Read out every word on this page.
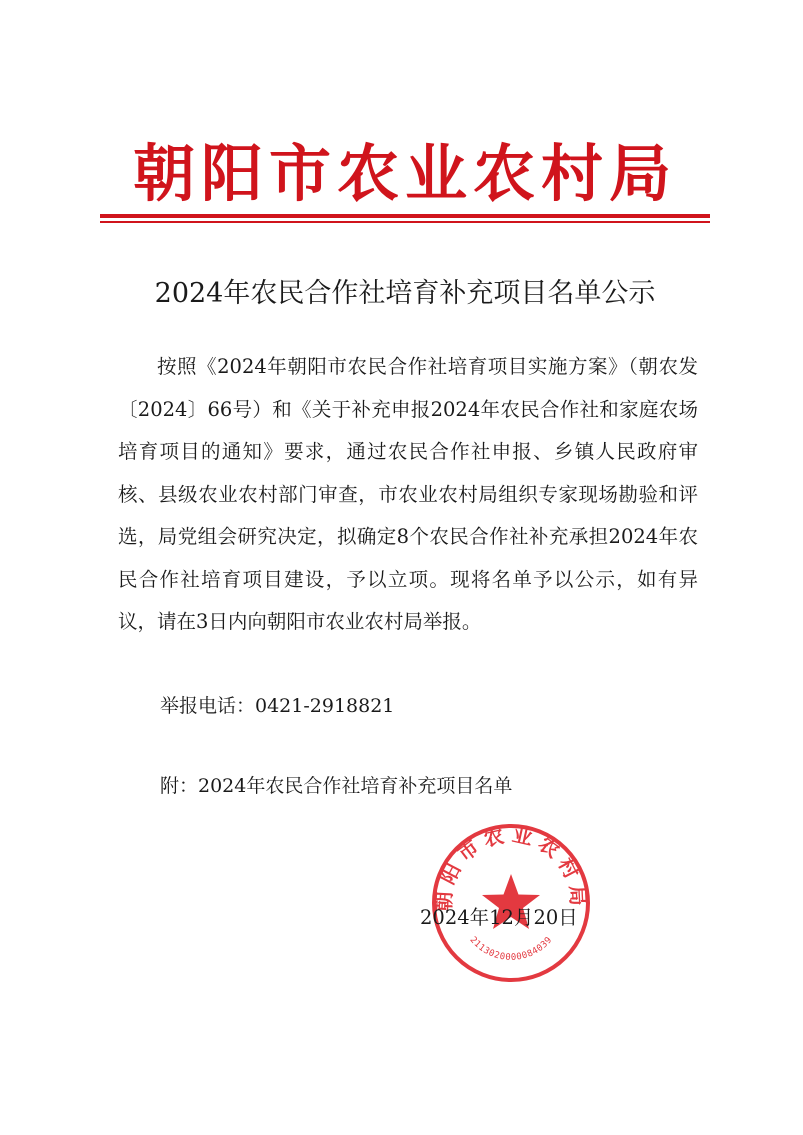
朝阳市农业农村局
2024年农民合作社培育补充项目名单公示
按照《2024年朝阳市农民合作社培育项目实施方案》（朝农发〔2024〕66号）和《关于补充申报2024年农民合作社和家庭农场培育项目的通知》要求，通过农民合作社申报、乡镇人民政府审核、县级农业农村部门审查，市农业农村局组织专家现场勘验和评选，局党组会研究决定，拟确定8个农民合作社补充承担2024年农民合作社培育项目建设，予以立项。现将名单予以公示，如有异议，请在3日内向朝阳市农业农村局举报。
举报电话：0421-2918821
附：2024年农民合作社培育补充项目名单
朝阳市农业农村局
2113020000084039
2024年12月20日
